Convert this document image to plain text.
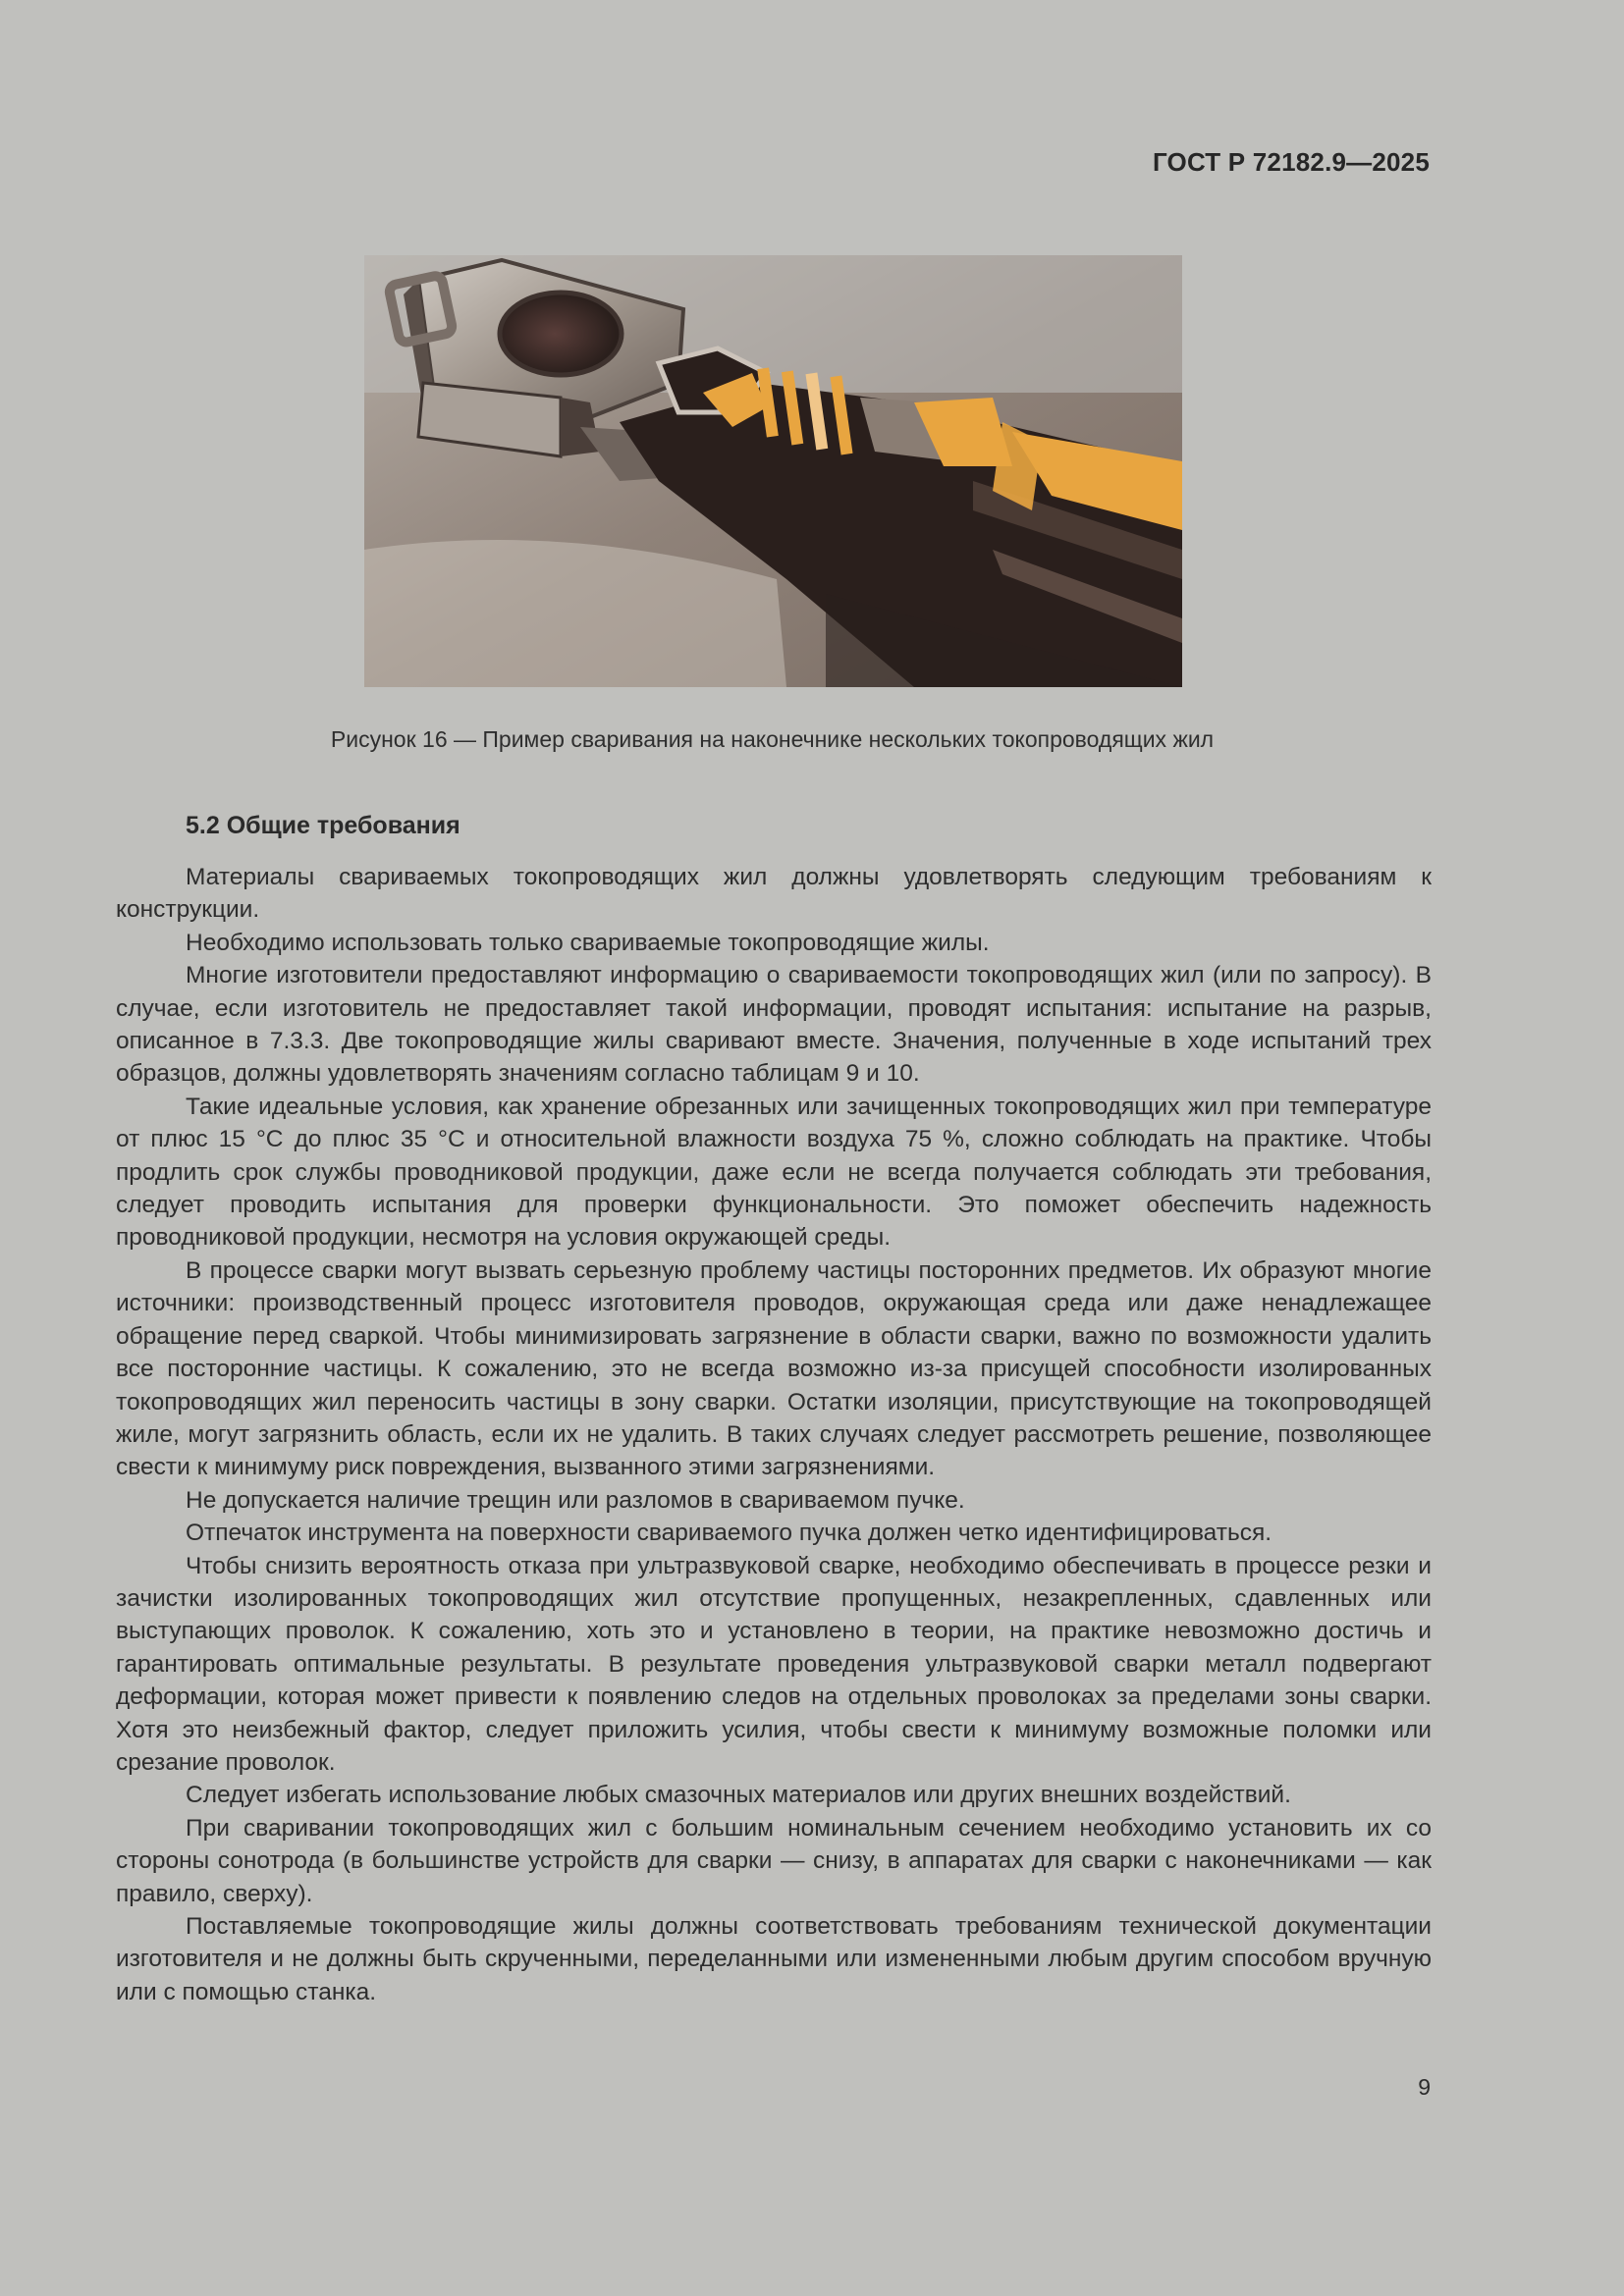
ГОСТ Р 72182.9—2025
Рисунок 16 — Пример сваривания на наконечнике нескольких токопроводящих жил
5.2 Общие требования

Материалы свариваемых токопроводящих жил должны удовлетворять следующим требованиям к конструкции.

Необходимо использовать только свариваемые токопроводящие жилы.

Многие изготовители предоставляют информацию о свариваемости токопроводящих жил (или по запросу). В случае, если изготовитель не предоставляет такой информации, проводят испытания: испытание на разрыв, описанное в 7.3.3. Две токопроводящие жилы сваривают вместе. Значения, полученные в ходе испытаний трех образцов, должны удовлетворять значениям согласно таблицам 9 и 10.

Такие идеальные условия, как хранение обрезанных или зачищенных токопроводящих жил при температуре от плюс 15 °С до плюс 35 °С и относительной влажности воздуха 75 %, сложно соблюдать на практике. Чтобы продлить срок службы проводниковой продукции, даже если не всегда получается соблюдать эти требования, следует проводить испытания для проверки функциональности. Это поможет обеспечить надежность проводниковой продукции, несмотря на условия окружающей среды.

В процессе сварки могут вызвать серьезную проблему частицы посторонних предметов. Их образуют многие источники: производственный процесс изготовителя проводов, окружающая среда или даже ненадлежащее обращение перед сваркой. Чтобы минимизировать загрязнение в области сварки, важно по возможности удалить все посторонние частицы. К сожалению, это не всегда возможно из-за присущей способности изолированных токопроводящих жил переносить частицы в зону сварки. Остатки изоляции, присутствующие на токопроводящей жиле, могут загрязнить область, если их не удалить. В таких случаях следует рассмотреть решение, позволяющее свести к минимуму риск повреждения, вызванного этими загрязнениями.

Не допускается наличие трещин или разломов в свариваемом пучке.

Отпечаток инструмента на поверхности свариваемого пучка должен четко идентифицироваться.

Чтобы снизить вероятность отказа при ультразвуковой сварке, необходимо обеспечивать в процессе резки и зачистки изолированных токопроводящих жил отсутствие пропущенных, незакрепленных, сдавленных или выступающих проволок. К сожалению, хоть это и установлено в теории, на практике невозможно достичь и гарантировать оптимальные результаты. В результате проведения ультразвуковой сварки металл подвергают деформации, которая может привести к появлению следов на отдельных проволоках за пределами зоны сварки. Хотя это неизбежный фактор, следует приложить усилия, чтобы свести к минимуму возможные поломки или срезание проволок.

Следует избегать использование любых смазочных материалов или других внешних воздействий.

При сваривании токопроводящих жил с большим номинальным сечением необходимо установить их со стороны сонотрода (в большинстве устройств для сварки — снизу, в аппаратах для сварки с наконечниками — как правило, сверху).

Поставляемые токопроводящие жилы должны соответствовать требованиям технической документации изготовителя и не должны быть скрученными, переделанными или измененными любым другим способом вручную или с помощью станка.

9
